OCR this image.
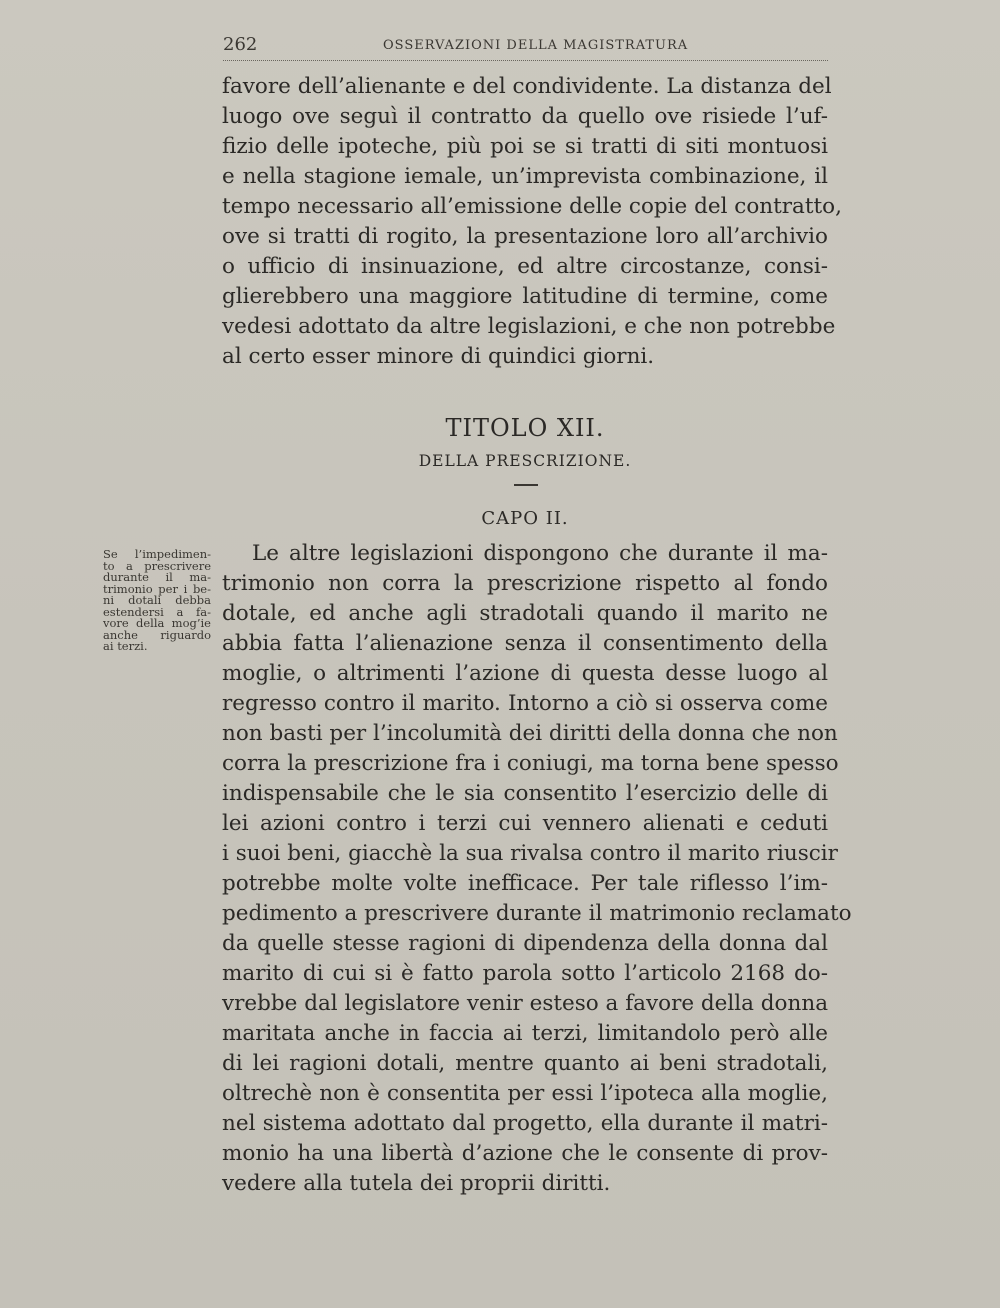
262	OSSERVAZIONI DELLA MAGISTRATURA
favore dell’alienante e del condividente. La distanza del
luogo ove seguì il contratto da quello ove risiede l’uf-
fizio delle ipoteche, più poi se si tratti di siti montuosi
e nella stagione iemale, un’imprevista combinazione, il
tempo necessario all’emissione delle copie del contratto,
ove si tratti di rogito, la presentazione loro all’archivio
o ufficio di insinuazione, ed altre circostanze, consi-
glierebbero una maggiore latitudine di termine, come
vedesi adottato da altre legislazioni, e che non potrebbe
al certo esser minore di quindici giorni.
TITOLO XII.
DELLA PRESCRIZIONE.
CAPO II.
Se l’impedimen-
to a prescrivere
durante il ma-
trimonio per i be-
ni dotali debba
estendersi a fa-
vore della mog’ie
anche riguardo
ai terzi.
Le altre legislazioni dispongono che durante il ma-
trimonio non corra la prescrizione rispetto al fondo
dotale, ed anche agli stradotali quando il marito ne
abbia fatta l’alienazione senza il consentimento della
moglie, o altrimenti l’azione di questa desse luogo al
regresso contro il marito. Intorno a ciò si osserva come
non basti per l’incolumità dei diritti della donna che non
corra la prescrizione fra i coniugi, ma torna bene spesso
indispensabile che le sia consentito l’esercizio delle di
lei azioni contro i terzi cui vennero alienati e ceduti
i suoi beni, giacchè la sua rivalsa contro il marito riuscir
potrebbe molte volte inefficace. Per tale riflesso l’im-
pedimento a prescrivere durante il matrimonio reclamato
da quelle stesse ragioni di dipendenza della donna dal
marito di cui si è fatto parola sotto l’articolo 2168 do-
vrebbe dal legislatore venir esteso a favore della donna
maritata anche in faccia ai terzi, limitandolo però alle
di lei ragioni dotali, mentre quanto ai beni stradotali,
oltrechè non è consentita per essi l’ipoteca alla moglie,
nel sistema adottato dal progetto, ella durante il matri-
monio ha una libertà d’azione che le consente di prov-
vedere alla tutela dei proprii diritti.
